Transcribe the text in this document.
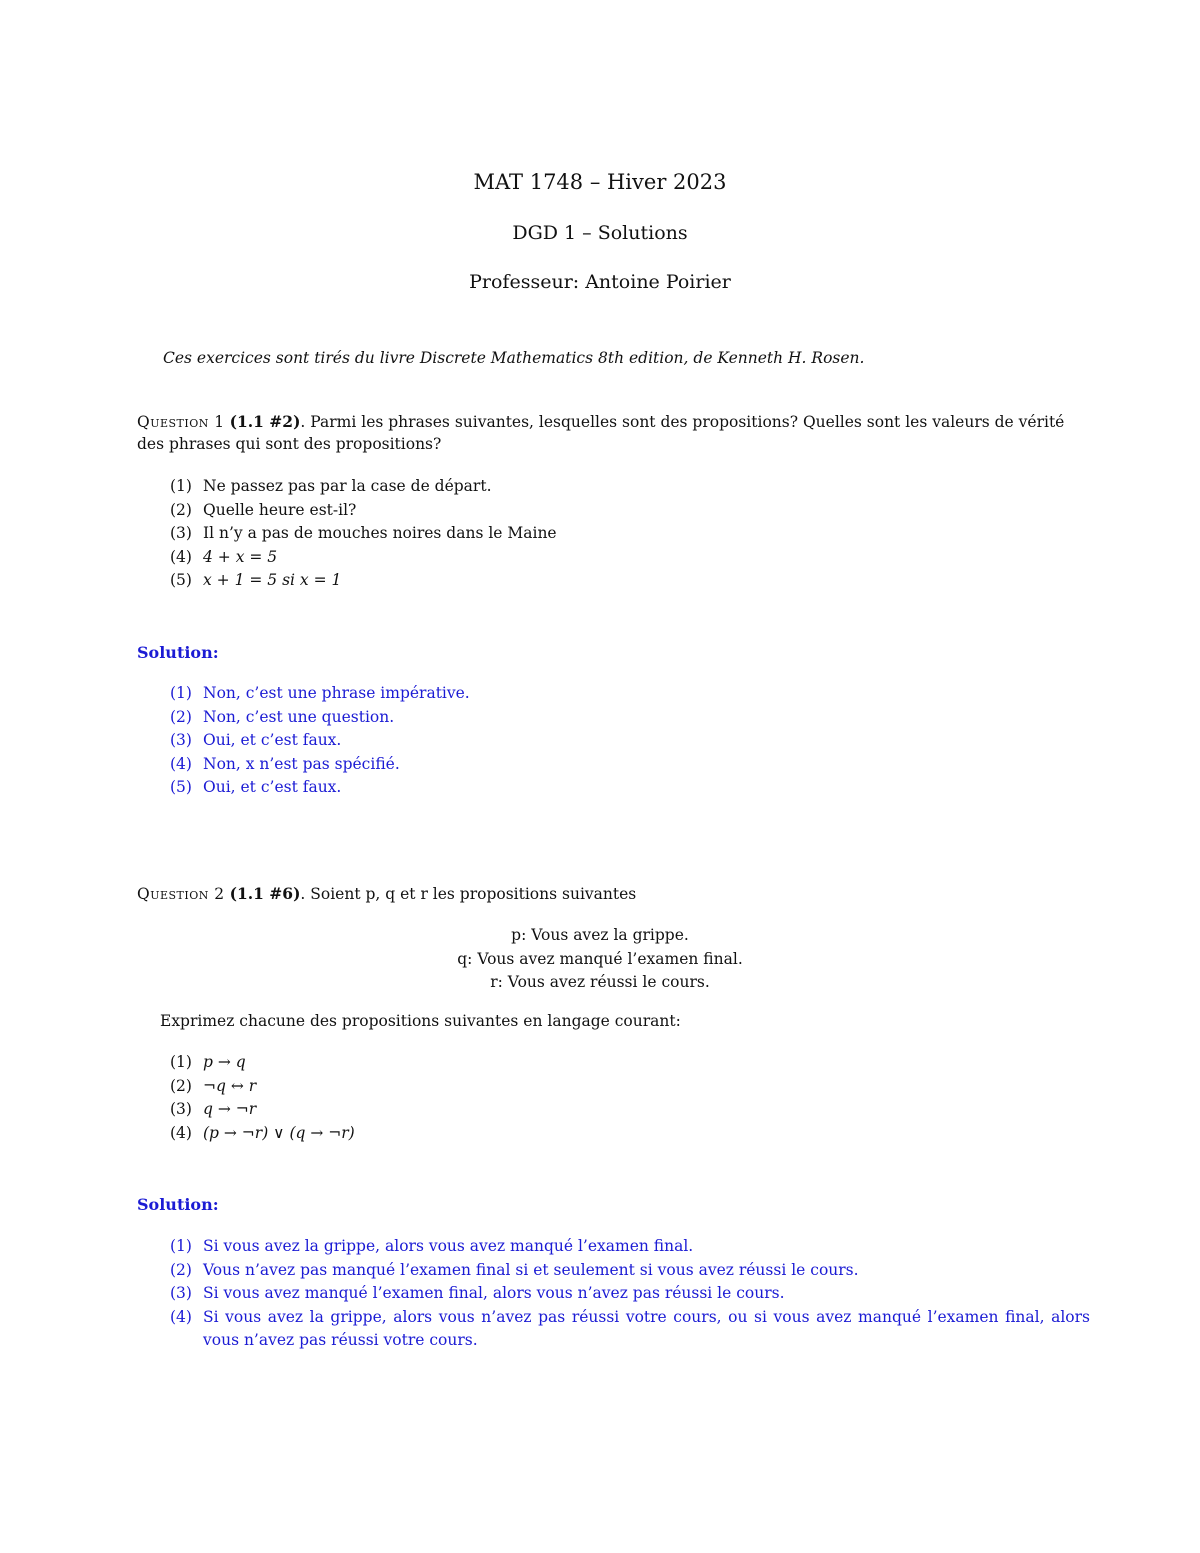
MAT 1748 – Hiver 2023
DGD 1 – Solutions
Professeur: Antoine Poirier
Ces exercices sont tirés du livre Discrete Mathematics 8th edition, de Kenneth H. Rosen.
Question 1 (1.1 #2). Parmi les phrases suivantes, lesquelles sont des propositions? Quelles sont les valeurs de vérité des phrases qui sont des propositions?
(1) Ne passez pas par la case de départ.
(2) Quelle heure est-il?
(3) Il n’y a pas de mouches noires dans le Maine
(4) 4 + x = 5
(5) x + 1 = 5 si x = 1
Solution:
(1) Non, c’est une phrase impérative.
(2) Non, c’est une question.
(3) Oui, et c’est faux.
(4) Non, x n’est pas spécifié.
(5) Oui, et c’est faux.
Question 2 (1.1 #6). Soient p, q et r les propositions suivantes
p: Vous avez la grippe.
q: Vous avez manqué l’examen final.
r: Vous avez réussi le cours.
Exprimez chacune des propositions suivantes en langage courant:
(1) p → q
(2) ¬q ↔ r
(3) q → ¬r
(4) (p → ¬r) ∨ (q → ¬r)
Solution:
(1) Si vous avez la grippe, alors vous avez manqué l’examen final.
(2) Vous n’avez pas manqué l’examen final si et seulement si vous avez réussi le cours.
(3) Si vous avez manqué l’examen final, alors vous n’avez pas réussi le cours.
(4) Si vous avez la grippe, alors vous n’avez pas réussi votre cours, ou si vous avez manqué l’examen final, alors vous n’avez pas réussi votre cours.
